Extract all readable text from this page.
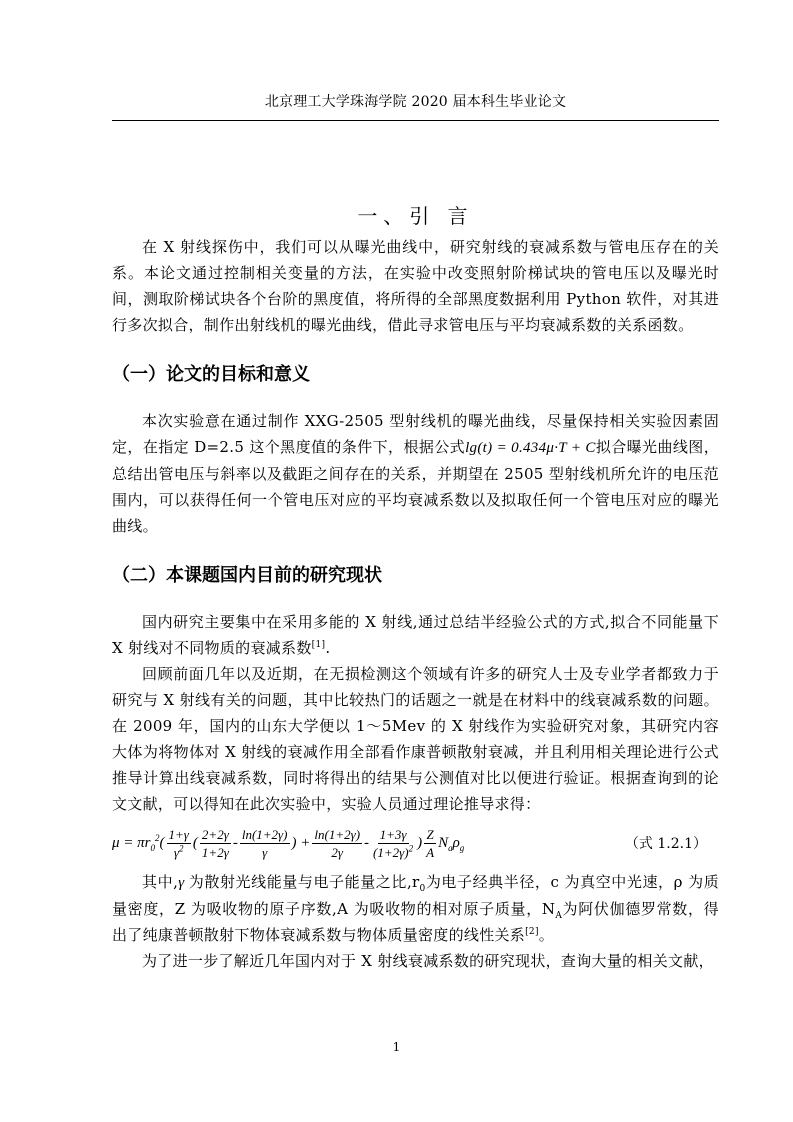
北京理工大学珠海学院 2020 届本科生毕业论文
一、引 言

在 X 射线探伤中，我们可以从曝光曲线中，研究射线的衰减系数与管电压存在的关系。本论文通过控制相关变量的方法，在实验中改变照射阶梯试块的管电压以及曝光时间，测取阶梯试块各个台阶的黑度值，将所得的全部黑度数据利用 Python 软件，对其进行多次拟合，制作出射线机的曝光曲线，借此寻求管电压与平均衰减系数的关系函数。

（一）论文的目标和意义

本次实验意在通过制作 XXG-2505 型射线机的曝光曲线，尽量保持相关实验因素固定，在指定 D=2.5 这个黑度值的条件下，根据公式lg(t) = 0.434μ·T + C拟合曝光曲线图，总结出管电压与斜率以及截距之间存在的关系，并期望在 2505 型射线机所允许的电压范围内，可以获得任何一个管电压对应的平均衰减系数以及拟取任何一个管电压对应的曝光曲线。

（二）本课题国内目前的研究现状

国内研究主要集中在采用多能的 X 射线,通过总结半经验公式的方式,拟合不同能量下 X 射线对不同物质的衰减系数[1].

回顾前面几年以及近期，在无损检测这个领域有许多的研究人士及专业学者都致力于研究与 X 射线有关的问题，其中比较热门的话题之一就是在材料中的线衰减系数的问题。在 2009 年，国内的山东大学便以 1～5Mev 的 X 射线作为实验研究对象，其研究内容大体为将物体对 X 射线的衰减作用全部看作康普顿散射衰减，并且利用相关理论进行公式推导计算出线衰减系数，同时将得出的结果与公测值对比以便进行验证。根据查询到的论文文献，可以得知在此次实验中，实验人员通过理论推导求得：

$\mu = \pi r_0^2( \frac{1+\gamma}{\gamma^2}$ ( $\frac{2+2\gamma}{1+2\gamma} - \frac{\ln(1+2\gamma)}{\gamma}$ ) + $\frac{\ln(1+2\gamma)}{2\gamma} - \frac{1+3\gamma}{(1+2\gamma)^2}$ ) $\frac{Z}{A} N_a\rho_g$	（式 1.2.1）

其中,γ 为散射光线能量与电子能量之比$,r_0$为电子经典半径，c 为真空中光速，ρ 为质量密度，Z 为吸收物的原子序数,A 为吸收物的相对原子质量，$N_A$为阿伏伽德罗常数，得出了纯康普顿散射下物体衰减系数与物体质量密度的线性关系[2]。

为了进一步了解近几年国内对于 X 射线衰减系数的研究现状，查询大量的相关文献，

1
